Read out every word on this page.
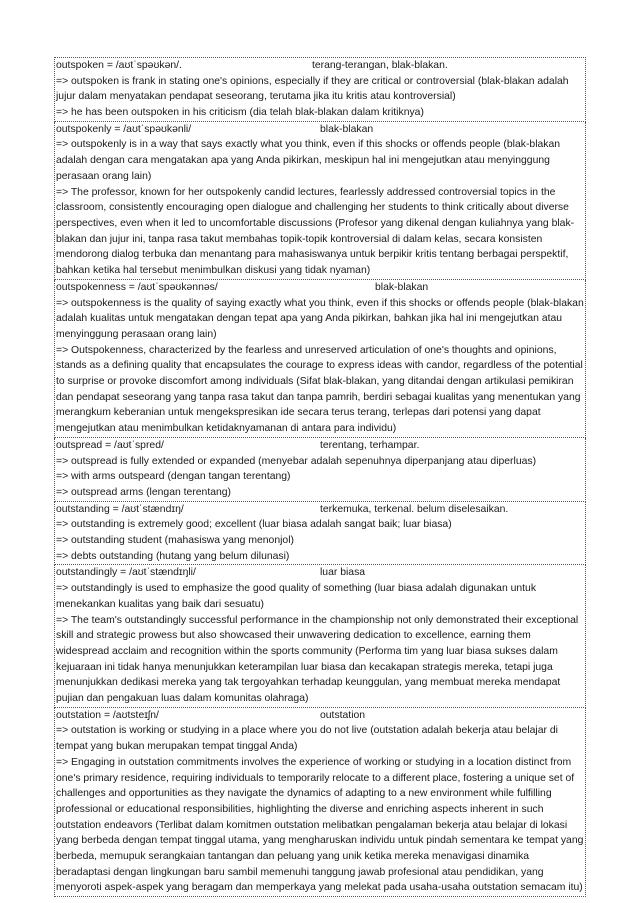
outspoken = /aʊtˈspəʊkən/.	terang-terangan, blak-blakan.

=> outspoken is frank in stating one's opinions, especially if they are critical or controversial (blak-blakan adalah jujur dalam menyatakan pendapat seseorang, terutama jika itu kritis atau kontroversial)

=> he has been outspoken in his criticism (dia telah blak-blakan dalam kritiknya)

outspokenly = /aʊtˈspəʊkənli/	blak-blakan

=> outspokenly is in a way that says exactly what you think, even if this shocks or offends people (blak-blakan adalah dengan cara mengatakan apa yang Anda pikirkan, meskipun hal ini mengejutkan atau menyinggung perasaan orang lain)

=> The professor, known for her outspokenly candid lectures, fearlessly addressed controversial topics in the classroom, consistently encouraging open dialogue and challenging her students to think critically about diverse perspectives, even when it led to uncomfortable discussions (Profesor yang dikenal dengan kuliahnya yang blak-blakan dan jujur ini, tanpa rasa takut membahas topik-topik kontroversial di dalam kelas, secara konsisten mendorong dialog terbuka dan menantang para mahasiswanya untuk berpikir kritis tentang berbagai perspektif, bahkan ketika hal tersebut menimbulkan diskusi yang tidak nyaman)

outspokenness = /aʊtˈspəʊkənnəs/	blak-blakan

=> outspokenness is the quality of saying exactly what you think, even if this shocks or offends people (blak-blakan adalah kualitas untuk mengatakan dengan tepat apa yang Anda pikirkan, bahkan jika hal ini mengejutkan atau menyinggung perasaan orang lain)

=> Outspokenness, characterized by the fearless and unreserved articulation of one's thoughts and opinions, stands as a defining quality that encapsulates the courage to express ideas with candor, regardless of the potential to surprise or provoke discomfort among individuals (Sifat blak-blakan, yang ditandai dengan artikulasi pemikiran dan pendapat seseorang yang tanpa rasa takut dan tanpa pamrih, berdiri sebagai kualitas yang menentukan yang merangkum keberanian untuk mengekspresikan ide secara terus terang, terlepas dari potensi yang dapat mengejutkan atau menimbulkan ketidaknyamanan di antara para individu)

outspread = /aʊtˈspred/	terentang, terhampar.

=> outspread is fully extended or expanded (menyebar adalah sepenuhnya diperpanjang atau diperluas)

=> with arms outspeard (dengan tangan terentang)

=> outspread arms (lengan terentang)

outstanding = /aʊtˈstændɪŋ/	terkemuka, terkenal. belum diselesaikan.

=> outstanding is extremely good; excellent (luar biasa adalah sangat baik; luar biasa)

=> outstanding student (mahasiswa yang menonjol)

=> debts outstanding (hutang yang belum dilunasi)

outstandingly = /aʊtˈstændɪŋli/	luar biasa

=> outstandingly is used to emphasize the good quality of something (luar biasa adalah digunakan untuk menekankan kualitas yang baik dari sesuatu)

=> The team's outstandingly successful performance in the championship not only demonstrated their exceptional skill and strategic prowess but also showcased their unwavering dedication to excellence, earning them widespread acclaim and recognition within the sports community (Performa tim yang luar biasa sukses dalam kejuaraan ini tidak hanya menunjukkan keterampilan luar biasa dan kecakapan strategis mereka, tetapi juga menunjukkan dedikasi mereka yang tak tergoyahkan terhadap keunggulan, yang membuat mereka mendapat pujian dan pengakuan luas dalam komunitas olahraga)

outstation = /aʊtsteɪʃn/	outstation

=> outstation is working or studying in a place where you do not live (outstation adalah bekerja atau belajar di tempat yang bukan merupakan tempat tinggal Anda)

=> Engaging in outstation commitments involves the experience of working or studying in a location distinct from one's primary residence, requiring individuals to temporarily relocate to a different place, fostering a unique set of challenges and opportunities as they navigate the dynamics of adapting to a new environment while fulfilling professional or educational responsibilities, highlighting the diverse and enriching aspects inherent in such outstation endeavors (Terlibat dalam komitmen outstation melibatkan pengalaman bekerja atau belajar di lokasi yang berbeda dengan tempat tinggal utama, yang mengharuskan individu untuk pindah sementara ke tempat yang berbeda, memupuk serangkaian tantangan dan peluang yang unik ketika mereka menavigasi dinamika beradaptasi dengan lingkungan baru sambil memenuhi tanggung jawab profesional atau pendidikan, yang menyoroti aspek-aspek yang beragam dan memperkaya yang melekat pada usaha-usaha outstation semacam itu)
